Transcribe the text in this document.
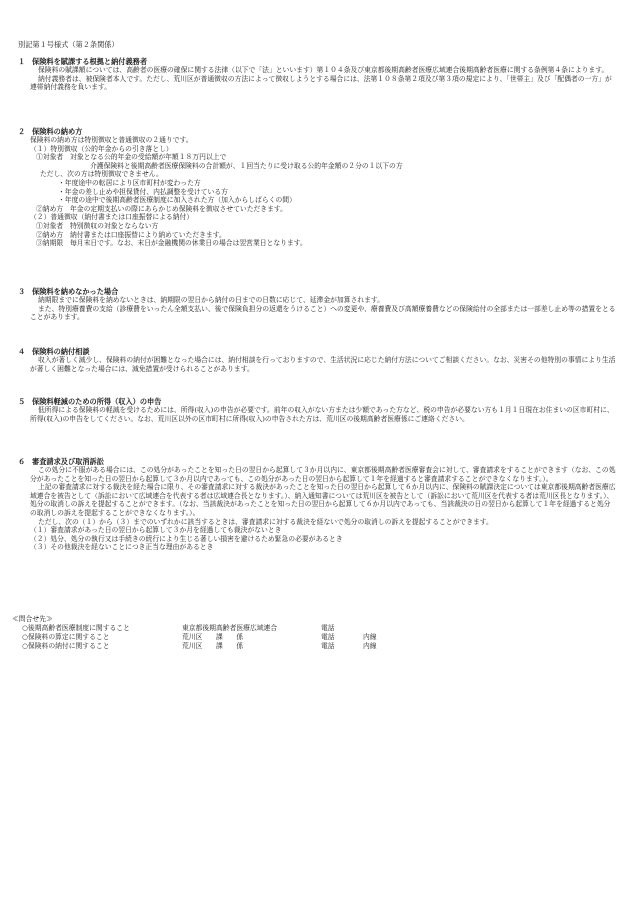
別記第１号様式（第２条関係）
１ 保険料を賦課する根拠と納付義務者

保険料の賦課額については、高齢者の医療の確保に関する法律（以下で「法」といいます）第１０４条及び東京都後期高齢者医療広域連合後期高齢者医療に関する条例第４条によります。

納付義務者は、被保険者本人です。ただし、荒川区が普通徴収の方法によって徴収しようとする場合には、法第１０８条第２項及び第３項の規定により、「世帯主」及び「配偶者の一方」が連帯納付義務を負います。

２ 保険料の納め方

保険料の納め方は特別徴収と普通徴収の２通りです。

（１）特別徴収（公的年金からの引き落とし）

①対象者　対象となる公的年金の受給額が年額１８万円以上で

介護保険料と後期高齢者医療保険料の合計額が、１回当たりに受け取る公的年金額の２分の１以下の方

ただし、次の方は特別徴収できません。

・年度途中の転居により区市町村が変わった方

・年金の差し止めや担保貸付、内払調整を受けている方

・年度の途中で後期高齢者医療制度に加入された方（加入からしばらくの間）

②納め方　年金の定期支払いの際にあらかじめ保険料を徴収させていただきます。

（２）普通徴収（納付書または口座振替による納付）

①対象者　特別徴収の対象とならない方

②納め方　納付書または口座振替により納めていただきます。

③納期限　毎月末日です。なお、末日が金融機関の休業日の場合は翌営業日となります。

３ 保険料を納めなかった場合

納期限までに保険料を納めないときは、納期限の翌日から納付の日までの日数に応じて、延滞金が加算されます。

また、特別療養費の支給（診療費をいったん全額支払い、後で保険負担分の返還をうけること）への変更や、療養費及び高額療養費などの保険給付の全部または一部差し止め等の措置をとることがあります。

４ 保険料の納付相談

収入が著しく減少し、保険料の納付が困難となった場合には、納付相談を行っておりますので、生活状況に応じた納付方法についてご相談ください。なお、災害その他特別の事情により生活が著しく困難となった場合には、減免措置が受けられることがあります。

５ 保険料軽減のための所得（収入）の申告

低所得による保険料の軽減を受けるためには、所得(収入)の申告が必要です。前年の収入がない方または少額であった方など、税の申告が必要ない方も１月１日現在お住まいの区市町村に、所得(収入)の申告をしてください。なお、荒川区以外の区市町村に所得(収入)の申告された方は、荒川区の後期高齢者医療係にご連絡ください。

６ 審査請求及び取消訴訟

この処分に不服がある場合には、この処分があったことを知った日の翌日から起算して３か月以内に、東京都後期高齢者医療審査会に対して、審査請求をすることができます（なお、この処分があったことを知った日の翌日から起算して３か月以内であっても、この処分があった日の翌日から起算して１年を経過すると審査請求することができなくなります。）。

上記の審査請求に対する裁決を経た場合に限り、その審査請求に対する裁決があったことを知った日の翌日から起算して６か月以内に、保険料の賦課決定については東京都後期高齢者医療広域連合を被告として（訴訟において広域連合を代表する者は広域連合長となります。）、納入通知書については荒川区を被告として（訴訟において荒川区を代表する者は荒川区長となります。）、処分の取消しの訴えを提起することができます。（なお、当該裁決があったことを知った日の翌日から起算して６か月以内であっても、当該裁決の日の翌日から起算して１年を経過すると処分の取消しの訴えを提起することができなくなります。）。

ただし、次の（１）から（３）までのいずれかに該当するときは、審査請求に対する裁決を経ないで処分の取消しの訴えを提起することができます。

（１）審査請求があった日の翌日から起算して３か月を経過しても裁決がないとき

（２）処分、処分の執行又は手続きの続行により生じる著しい損害を避けるため緊急の必要があるとき

（３）その他裁決を経ないことにつき正当な理由があるとき

≪問合せ先≫
○後期高齢者医療制度に関すること	東京都後期高齢者医療広域連合	電話
○保険料の算定に関すること	荒川区　　課　　係	電話	内線
○保険料の納付に関すること	荒川区　　課　　係	電話	内線
